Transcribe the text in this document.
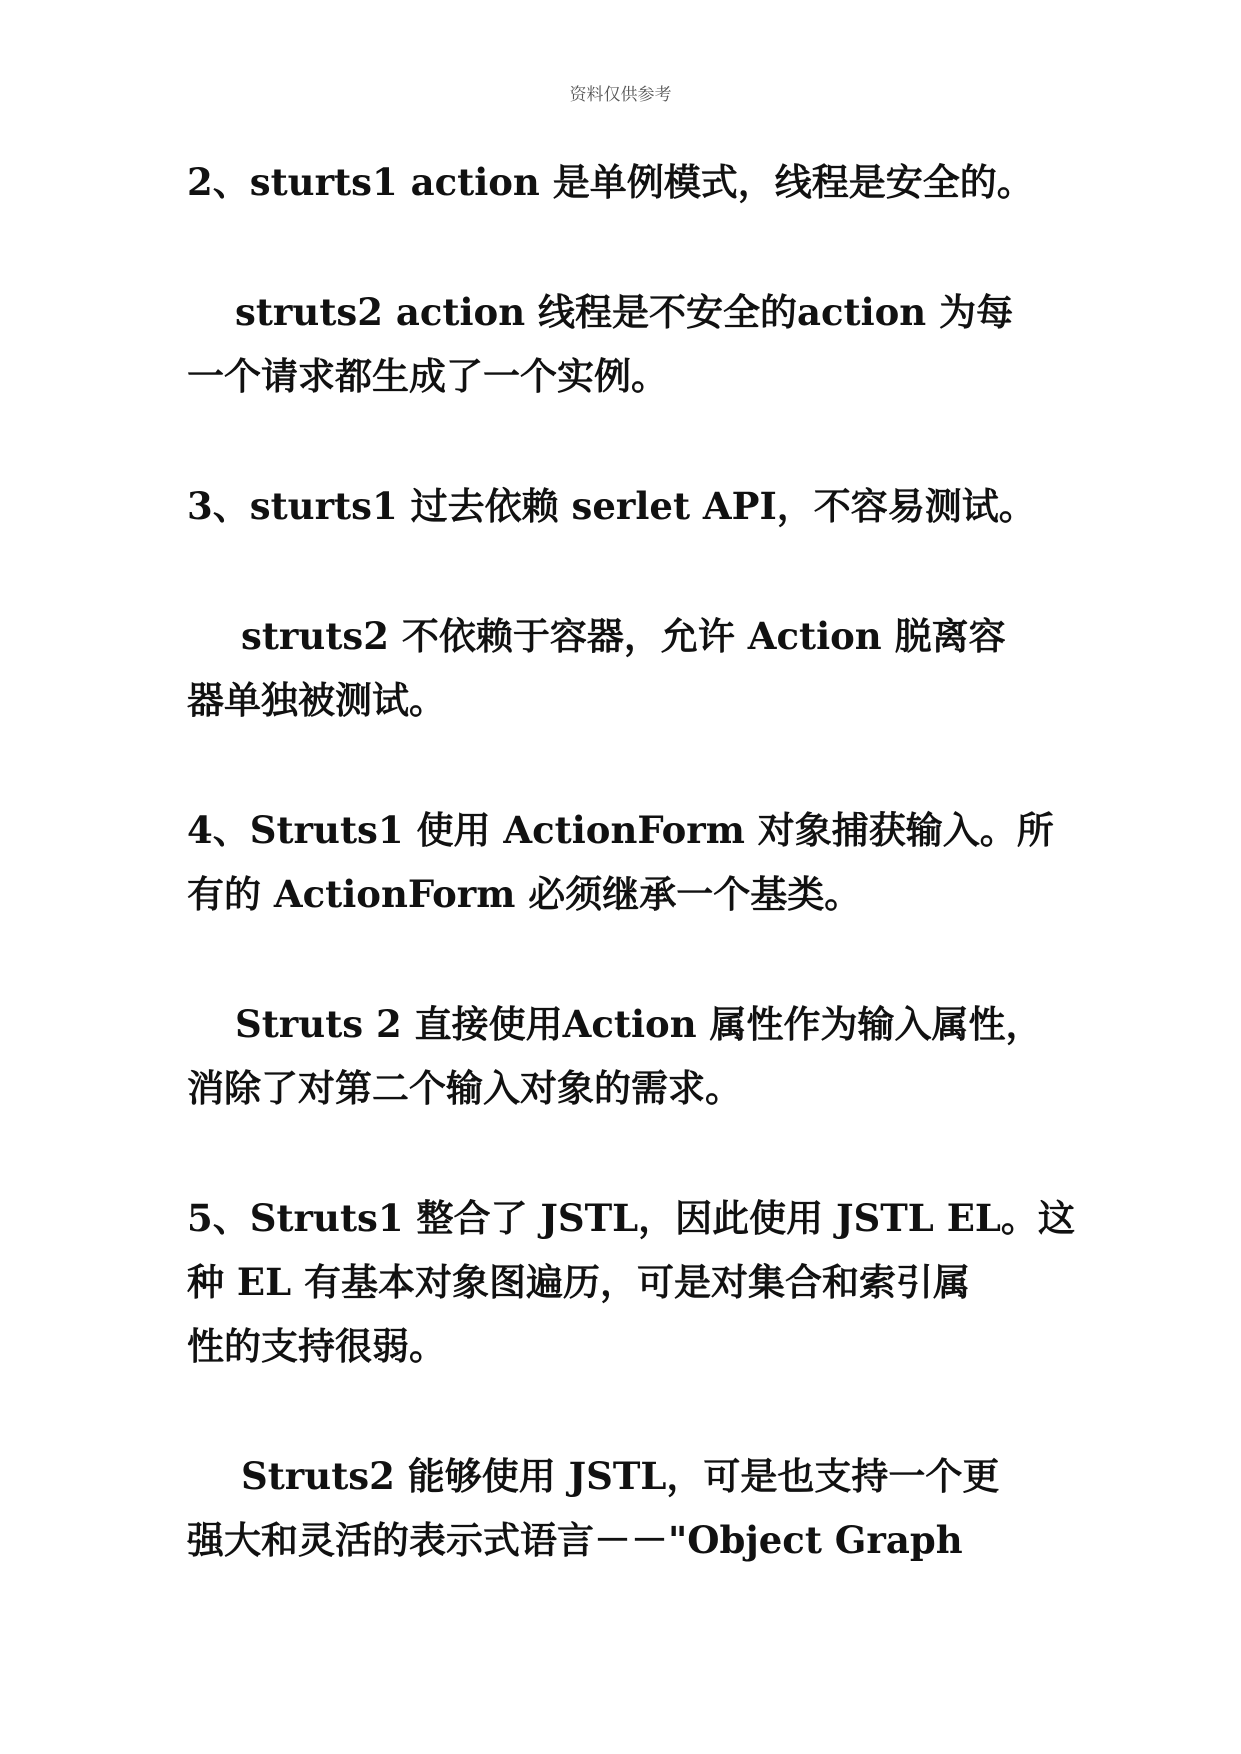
资料仅供参考

2、sturts1 action 是单例模式，线程是安全的。

struts2 action 线程是不安全的action 为每
一个请求都生成了一个实例。

3、sturts1 过去依赖 serlet API，不容易测试。

struts2 不依赖于容器，允许 Action 脱离容
器单独被测试。

4、Struts1 使用 ActionForm 对象捕获输入。所
有的 ActionForm 必须继承一个基类。

Struts 2 直接使用Action 属性作为输入属性，
消除了对第二个输入对象的需求。

5、Struts1 整合了 JSTL，因此使用 JSTL EL。这
种 EL 有基本对象图遍历，可是对集合和索引属
性的支持很弱。

Struts2 能够使用 JSTL，可是也支持一个更
强大和灵活的表示式语言－－"Object Graph
